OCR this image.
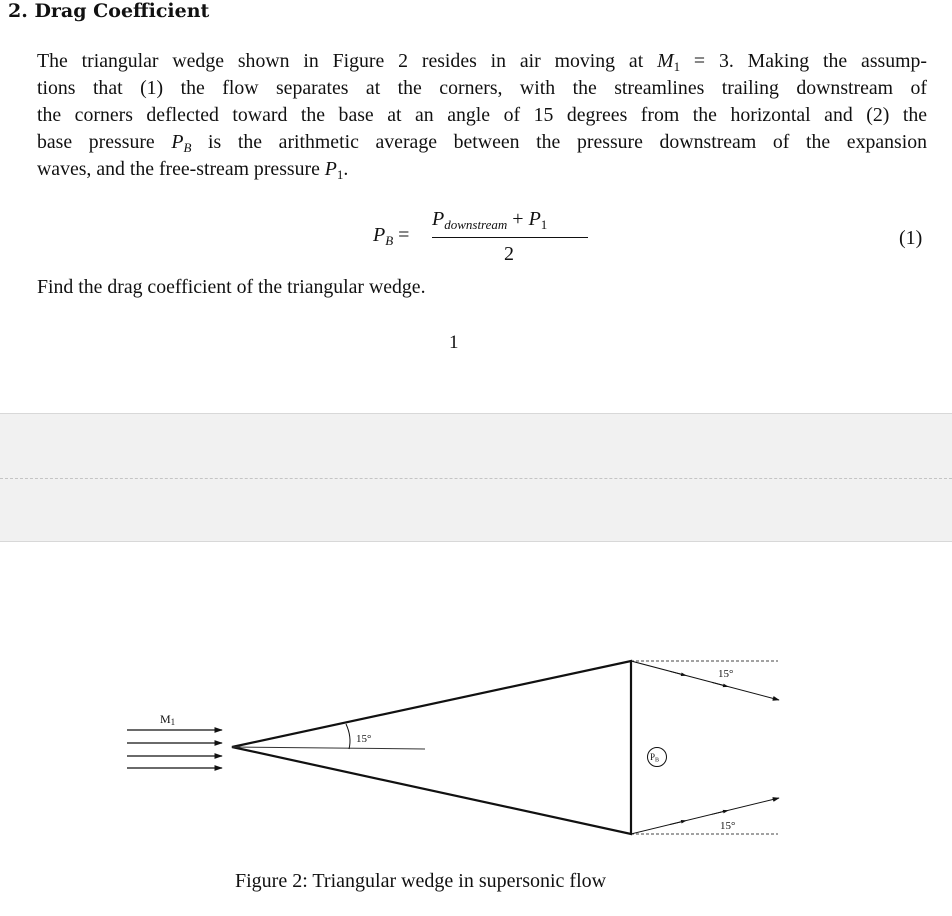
2. Drag Coefficient
The triangular wedge shown in Figure 2 resides in air moving at $M_1 = 3$. Making the assump-
tions that (1) the flow separates at the corners, with the streamlines trailing downstream of
the corners deflected toward the base at an angle of 15 degrees from the horizontal and (2) the
base pressure $P_B$ is the arithmetic average between the pressure downstream of the expansion
waves, and the free-stream pressure $P_1$.
$P_B$ =
$P_{downstream} + P_1$
2
(1)
Find the drag coefficient of the triangular wedge.
1
M1
15°
PB
15°
15°
Figure 2: Triangular wedge in supersonic flow
